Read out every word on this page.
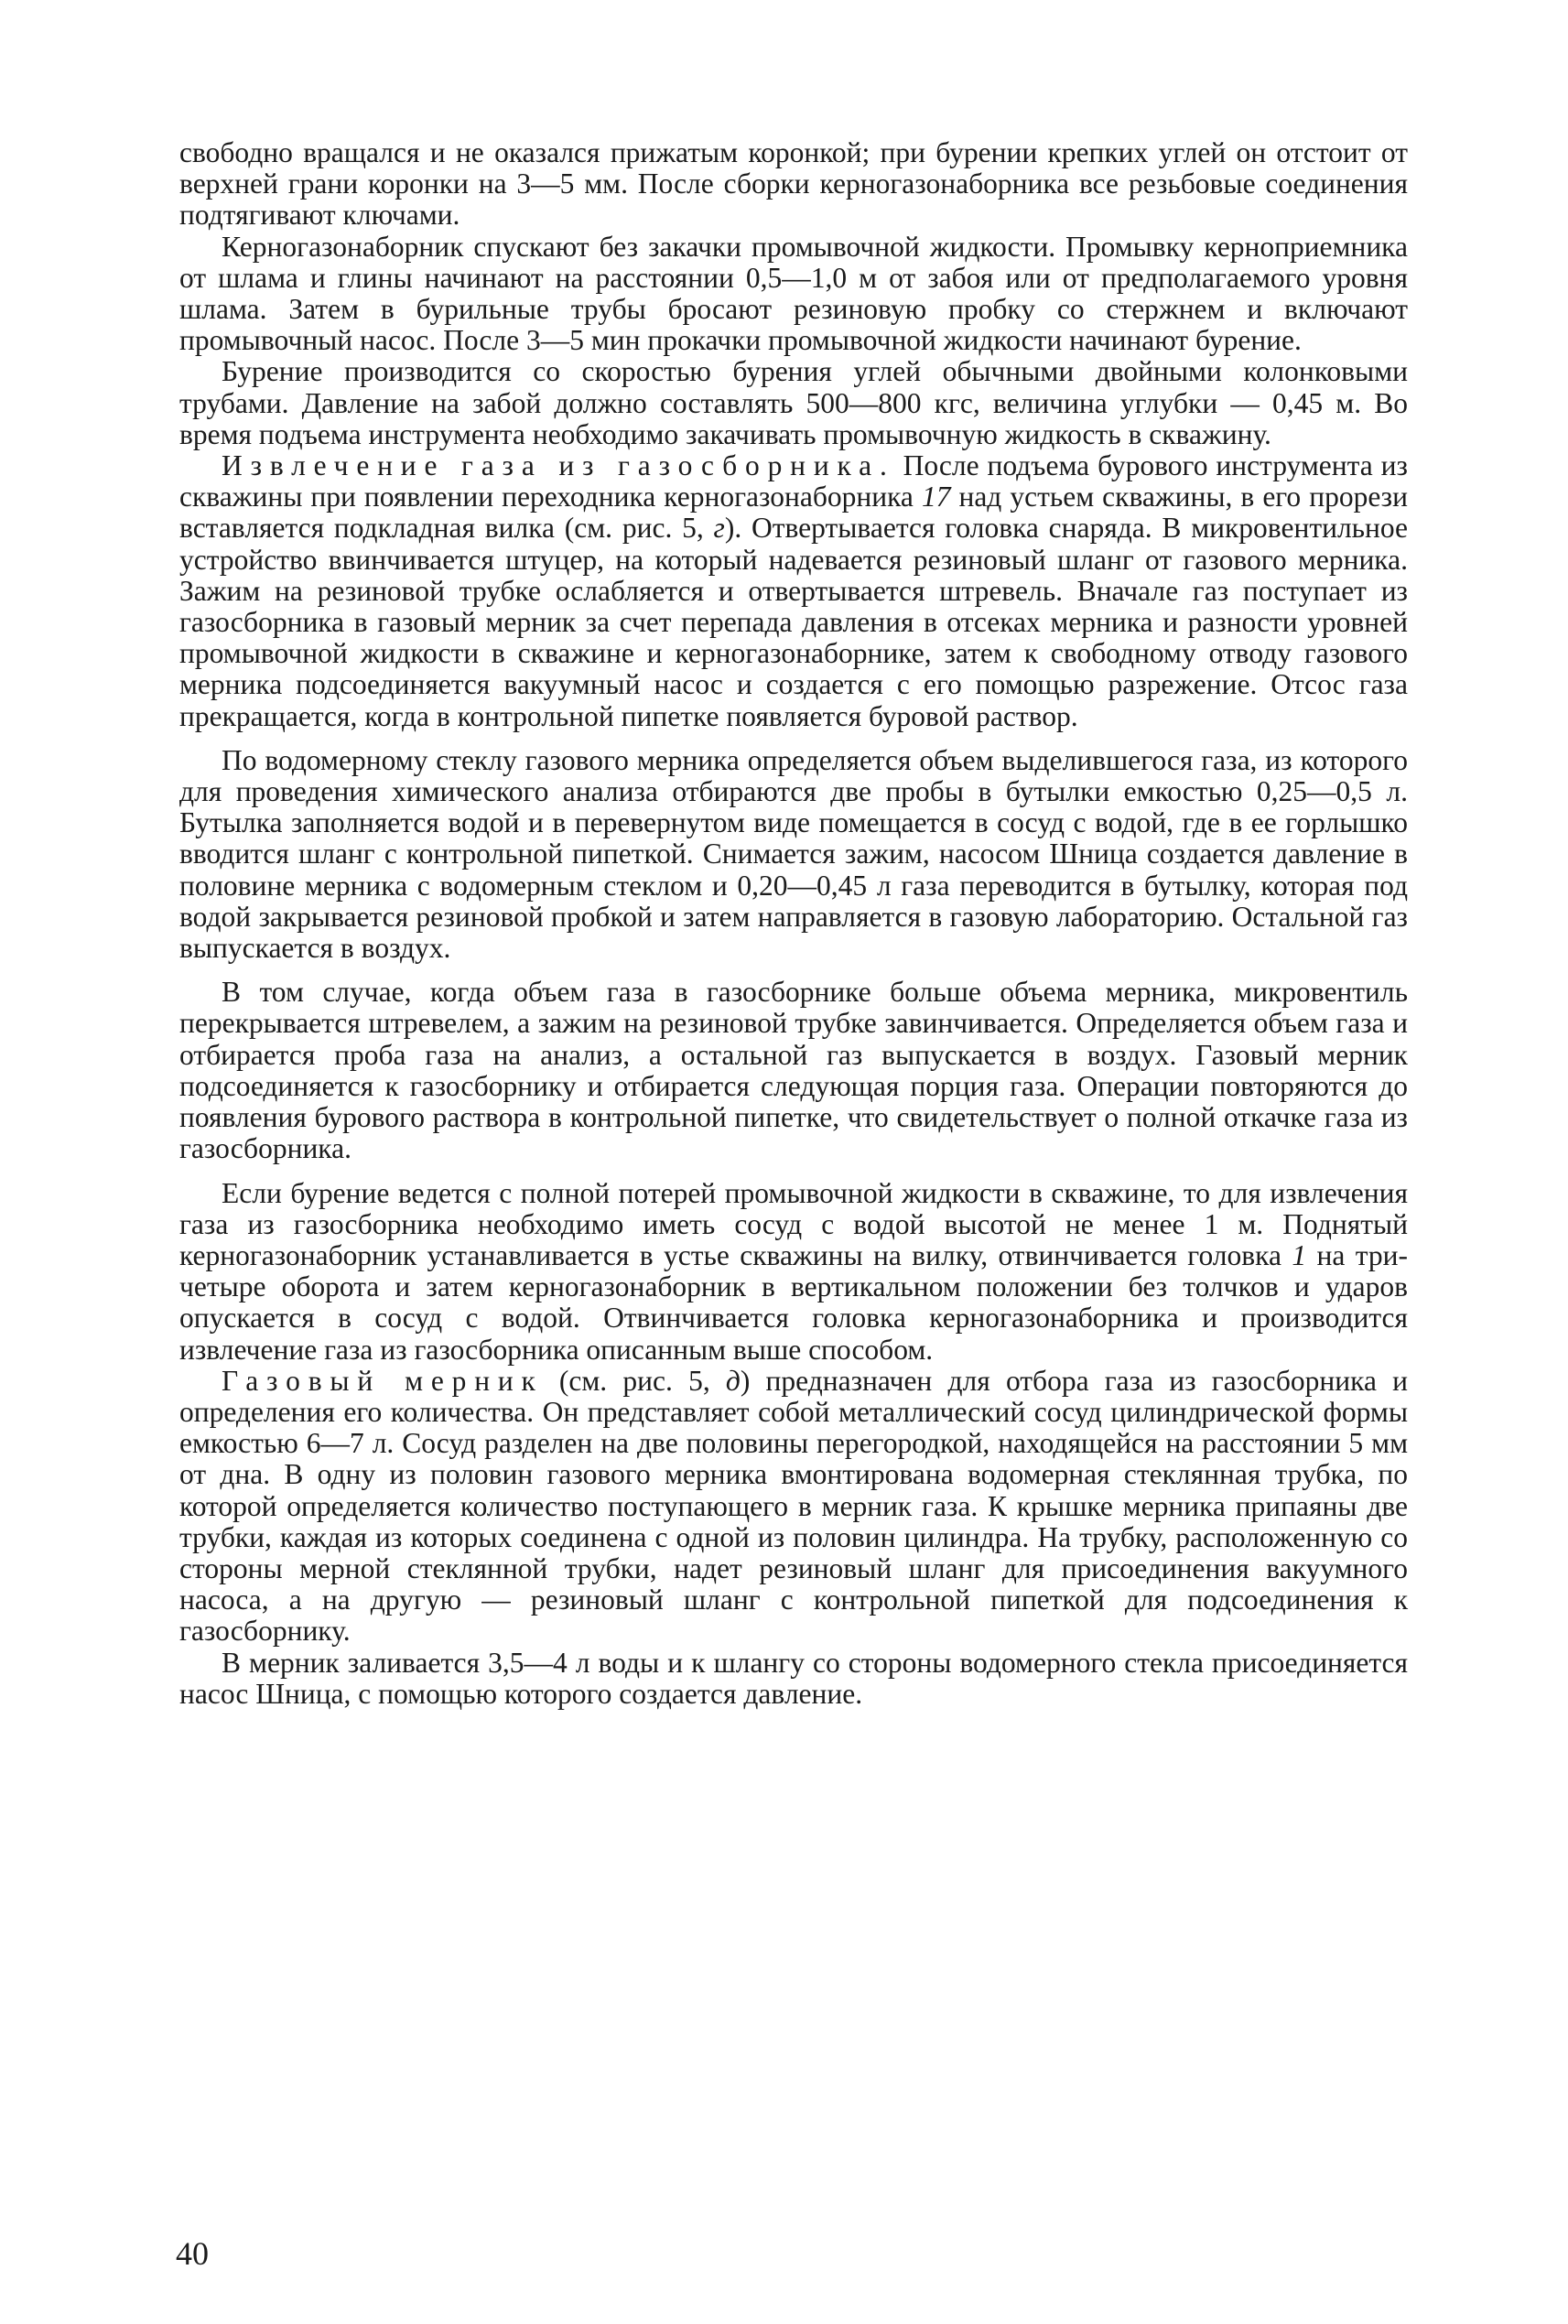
свободно вращался и не оказался прижатым коронкой; при бурении крепких углей он отстоит от верхней грани коронки на 3—5 мм. После сборки керногазонаборника все резьбовые соединения подтягивают ключами.

Керногазонаборник спускают без закачки промывочной жидкости. Промывку керноприемника от шлама и глины начинают на расстоянии 0,5—1,0 м от забоя или от предполагаемого уровня шлама. Затем в бурильные трубы бросают резиновую пробку со стержнем и включают промывочный насос. После 3—5 мин прокачки промывочной жидкости начинают бурение.

Бурение производится со скоростью бурения углей обычными двойными колонковыми трубами. Давление на забой должно составлять 500—800 кгс, величина углубки — 0,45 м. Во время подъема инструмента необходимо закачивать промывочную жидкость в скважину.

Извлечение газа из газосборника. После подъема бурового инструмента из скважины при появлении переходника керногазонаборника 17 над устьем скважины, в его прорези вставляется подкладная вилка (см. рис. 5, г). Отвертывается головка снаряда. В микровентильное устройство ввинчивается штуцер, на который надевается резиновый шланг от газового мерника. Зажим на резиновой трубке ослабляется и отвертывается штревель. Вначале газ поступает из газосборника в газовый мерник за счет перепада давления в отсеках мерника и разности уровней промывочной жидкости в скважине и керногазонаборнике, затем к свободному отводу газового мерника подсоединяется вакуумный насос и создается с его помощью разрежение. Отсос газа прекращается, когда в контрольной пипетке появляется буровой раствор.

По водомерному стеклу газового мерника определяется объем выделившегося газа, из которого для проведения химического анализа отбираются две пробы в бутылки емкостью 0,25—0,5 л. Бутылка заполняется водой и в перевернутом виде помещается в сосуд с водой, где в ее горлышко вводится шланг с контрольной пипеткой. Снимается зажим, насосом Шница создается давление в половине мерника с водомерным стеклом и 0,20—0,45 л газа переводится в бутылку, которая под водой закрывается резиновой пробкой и затем направляется в газовую лабораторию. Остальной газ выпускается в воздух.

В том случае, когда объем газа в газосборнике больше объема мерника, микровентиль перекрывается штревелем, а зажим на резиновой трубке завинчивается. Определяется объем газа и отбирается проба газа на анализ, а остальной газ выпускается в воздух. Газовый мерник подсоединяется к газосборнику и отбирается следующая порция газа. Операции повторяются до появления бурового раствора в контрольной пипетке, что свидетельствует о полной откачке газа из газосборника.

Если бурение ведется с полной потерей промывочной жидкости в скважине, то для извлечения газа из газосборника необходимо иметь сосуд с водой высотой не менее 1 м. Поднятый керногазонаборник устанавливается в устье скважины на вилку, отвинчивается головка 1 на три-четыре оборота и затем керногазонаборник в вертикальном положении без толчков и ударов опускается в сосуд с водой. Отвинчивается головка керногазонаборника и производится извлечение газа из газосборника описанным выше способом.

Газовый мерник (см. рис. 5, д) предназначен для отбора газа из газосборника и определения его количества. Он представляет собой металлический сосуд цилиндрической формы емкостью 6—7 л. Сосуд разделен на две половины перегородкой, находящейся на расстоянии 5 мм от дна. В одну из половин газового мерника вмонтирована водомерная стеклянная трубка, по которой определяется количество поступающего в мерник газа. К крышке мерника припаяны две трубки, каждая из которых соединена с одной из половин цилиндра. На трубку, расположенную со стороны мерной стеклянной трубки, надет резиновый шланг для присоединения вакуумного насоса, а на другую — резиновый шланг с контрольной пипеткой для подсоединения к газосборнику.

В мерник заливается 3,5—4 л воды и к шлангу со стороны водомерного стекла присоединяется насос Шница, с помощью которого создается давление.

40
